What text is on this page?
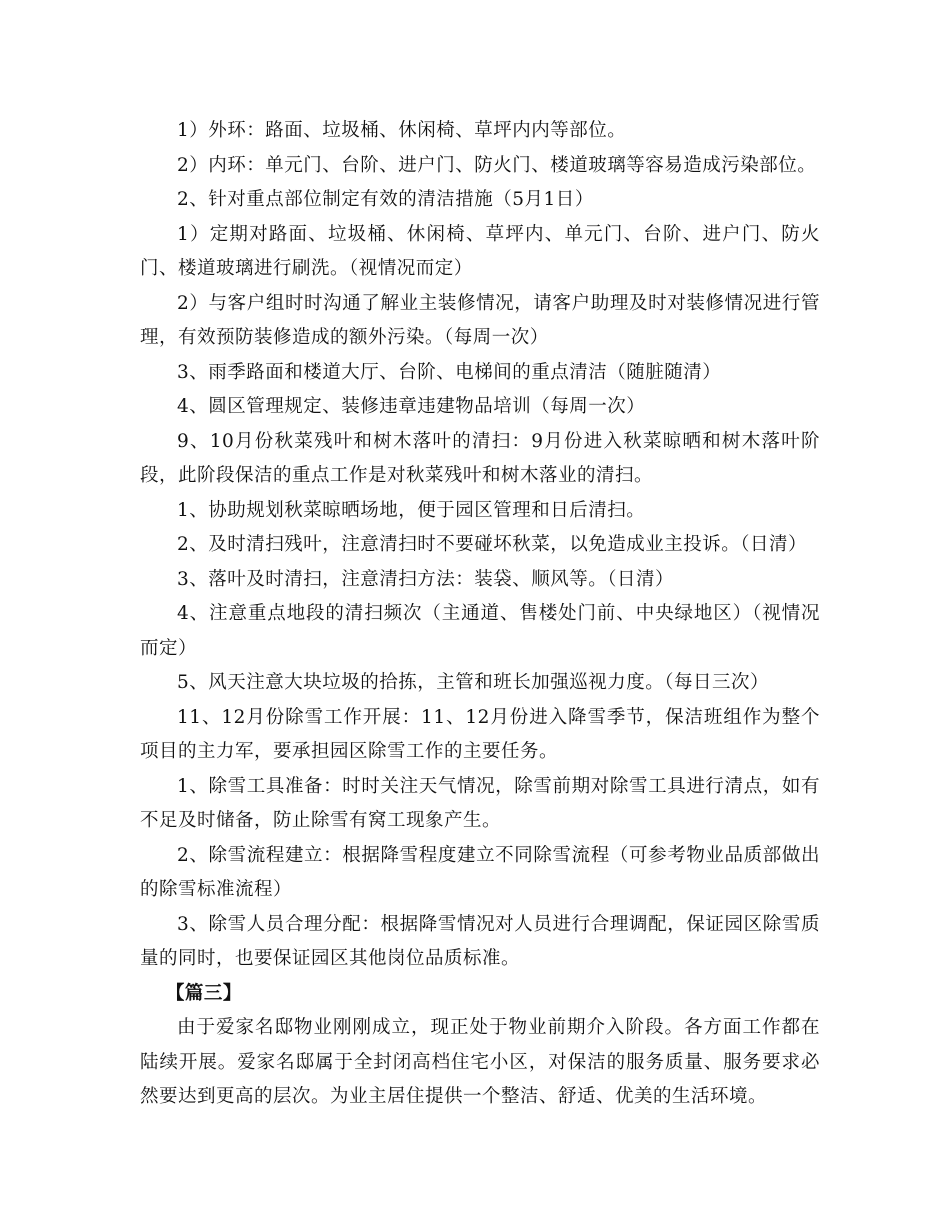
1）外环：路面、垃圾桶、休闲椅、草坪内内等部位。

2）内环：单元门、台阶、进户门、防火门、楼道玻璃等容易造成污染部位。

2、针对重点部位制定有效的清洁措施（5月1日）

1）定期对路面、垃圾桶、休闲椅、草坪内、单元门、台阶、进户门、防火门、楼道玻璃进行刷洗。（视情况而定）

2）与客户组时时沟通了解业主装修情况，请客户助理及时对装修情况进行管理，有效预防装修造成的额外污染。（每周一次）

3、雨季路面和楼道大厅、台阶、电梯间的重点清洁（随脏随清）

4、圆区管理规定、装修违章违建物品培训（每周一次）

9、10月份秋菜残叶和树木落叶的清扫：9月份进入秋菜晾晒和树木落叶阶段，此阶段保洁的重点工作是对秋菜残叶和树木落业的清扫。

1、协助规划秋菜晾晒场地，便于园区管理和日后清扫。

2、及时清扫残叶，注意清扫时不要碰坏秋菜，以免造成业主投诉。（日清）

3、落叶及时清扫，注意清扫方法：装袋、顺风等。（日清）

4、注意重点地段的清扫频次（主通道、售楼处门前、中央绿地区）（视情况而定）

5、风天注意大块垃圾的拾拣，主管和班长加强巡视力度。（每日三次）

11、12月份除雪工作开展：11、12月份进入降雪季节，保洁班组作为整个项目的主力军，要承担园区除雪工作的主要任务。

1、除雪工具准备：时时关注天气情况，除雪前期对除雪工具进行清点，如有不足及时储备，防止除雪有窝工现象产生。

2、除雪流程建立：根据降雪程度建立不同除雪流程（可参考物业品质部做出的除雪标准流程）

3、除雪人员合理分配：根据降雪情况对人员进行合理调配，保证园区除雪质量的同时，也要保证园区其他岗位品质标准。

【篇三】

由于爱家名邸物业刚刚成立，现正处于物业前期介入阶段。各方面工作都在陆续开展。爱家名邸属于全封闭高档住宅小区，对保洁的服务质量、服务要求必然要达到更高的层次。为业主居住提供一个整洁、舒适、优美的生活环境。
